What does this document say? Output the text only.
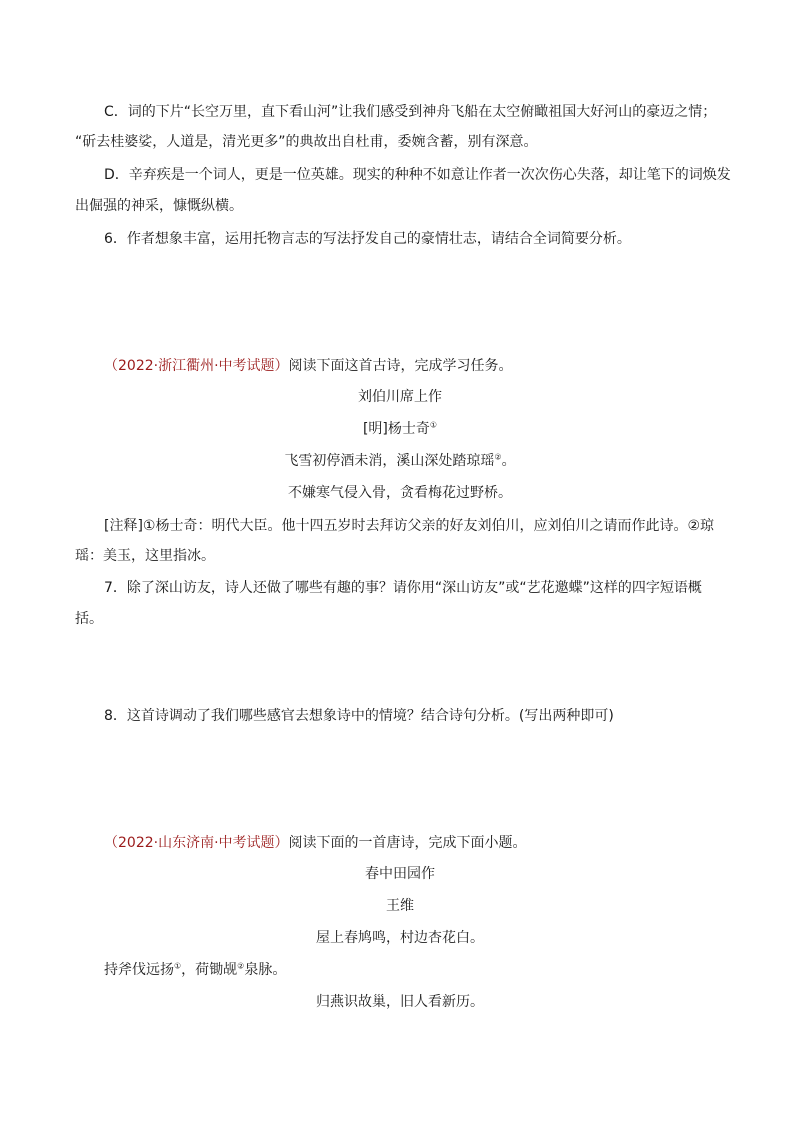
C．词的下片“长空万里，直下看山河”让我们感受到神舟飞船在太空俯瞰祖国大好河山的豪迈之情；
“斫去桂婆娑，人道是，清光更多”的典故出自杜甫，委婉含蓄，别有深意。
D．辛弃疾是一个词人，更是一位英雄。现实的种种不如意让作者一次次伤心失落，却让笔下的词焕发
出倔强的神采，慷慨纵横。
6．作者想象丰富，运用托物言志的写法抒发自己的豪情壮志，请结合全词简要分析。
（2022·浙江衢州·中考试题）阅读下面这首古诗，完成学习任务。
刘伯川席上作
[明]杨士奇①
飞雪初停酒未消，溪山深处踏琼瑶②。
不嫌寒气侵入骨，贪看梅花过野桥。
[注释]①杨士奇：明代大臣。他十四五岁时去拜访父亲的好友刘伯川，应刘伯川之请而作此诗。②琼
瑶：美玉，这里指冰。
7．除了深山访友，诗人还做了哪些有趣的事？请你用“深山访友”或“艺花邀蝶”这样的四字短语概
括。
8．这首诗调动了我们哪些感官去想象诗中的情境？结合诗句分析。(写出两种即可)
（2022·山东济南·中考试题）阅读下面的一首唐诗，完成下面小题。
春中田园作
王维
屋上春鸠鸣，村边杏花白。
持斧伐远扬①，荷锄觇②泉脉。
归燕识故巢，旧人看新历。
